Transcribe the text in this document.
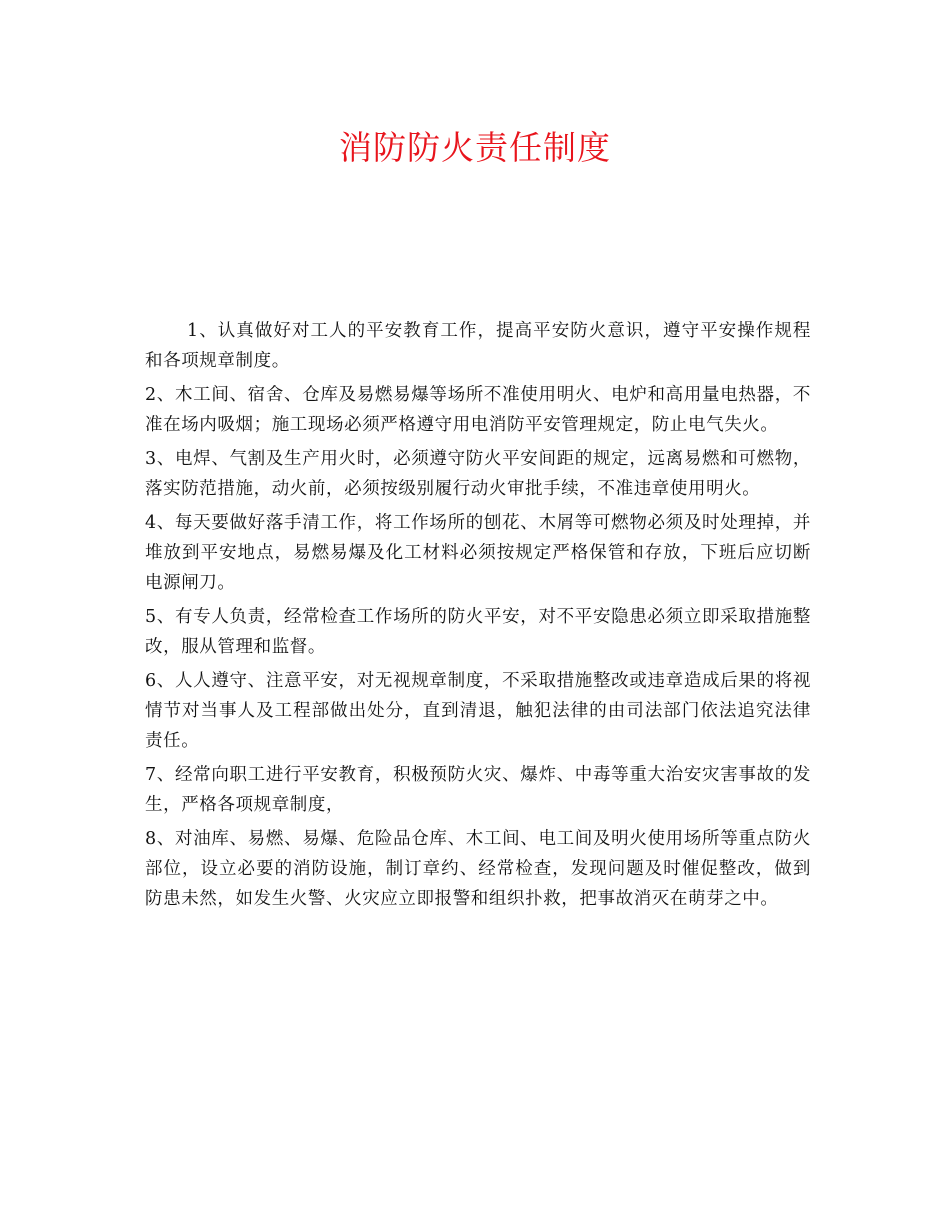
消防防火责任制度

1、认真做好对工人的平安教育工作，提高平安防火意识，遵守平安操作规程和各项规章制度。

2、木工间、宿舍、仓库及易燃易爆等场所不准使用明火、电炉和高用量电热器，不准在场内吸烟；施工现场必须严格遵守用电消防平安管理规定，防止电气失火。

3、电焊、气割及生产用火时，必须遵守防火平安间距的规定，远离易燃和可燃物，落实防范措施，动火前，必须按级别履行动火审批手续，不准违章使用明火。

4、每天要做好落手清工作，将工作场所的刨花、木屑等可燃物必须及时处理掉，并堆放到平安地点，易燃易爆及化工材料必须按规定严格保管和存放，下班后应切断电源闸刀。

5、有专人负责，经常检查工作场所的防火平安，对不平安隐患必须立即采取措施整改，服从管理和监督。

6、人人遵守、注意平安，对无视规章制度，不采取措施整改或违章造成后果的将视情节对当事人及工程部做出处分，直到清退，触犯法律的由司法部门依法追究法律责任。

7、经常向职工进行平安教育，积极预防火灾、爆炸、中毒等重大治安灾害事故的发生，严格各项规章制度，

8、对油库、易燃、易爆、危险品仓库、木工间、电工间及明火使用场所等重点防火部位，设立必要的消防设施，制订章约、经常检查，发现问题及时催促整改，做到防患未然，如发生火警、火灾应立即报警和组织扑救，把事故消灭在萌芽之中。
